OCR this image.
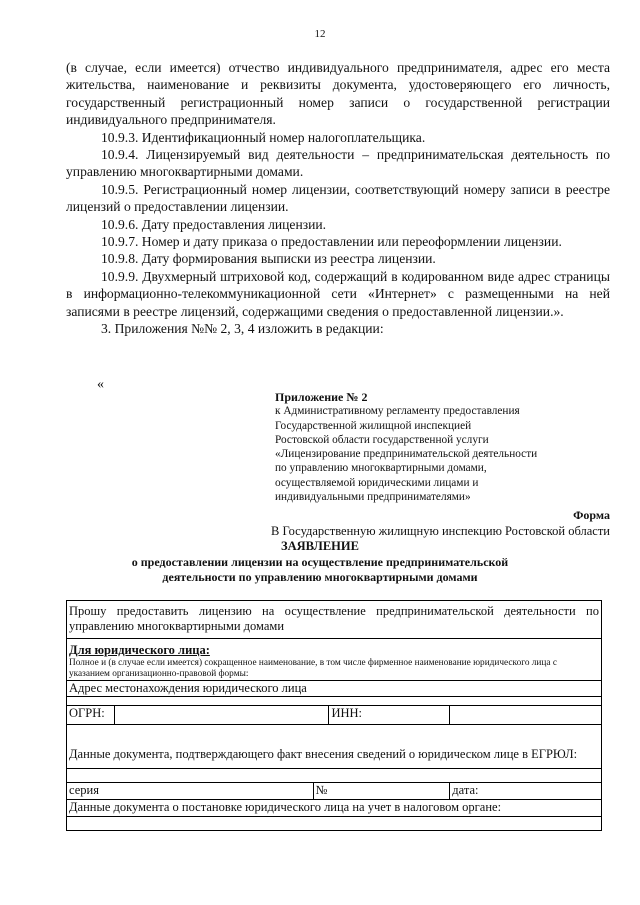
12

(в случае, если имеется) отчество индивидуального предпринимателя, адрес его места жительства, наименование и реквизиты документа, удостоверяющего его личность, государственный регистрационный номер записи о государственной регистрации индивидуального предпринимателя.

10.9.3. Идентификационный номер налогоплательщика.

10.9.4. Лицензируемый вид деятельности – предпринимательская деятельность по управлению многоквартирными домами.

10.9.5. Регистрационный номер лицензии, соответствующий номеру записи в реестре лицензий о предоставлении лицензии.

10.9.6. Дату предоставления лицензии.

10.9.7. Номер и дату приказа о предоставлении или переоформлении лицензии.

10.9.8. Дату формирования выписки из реестра лицензии.

10.9.9. Двухмерный штриховой код, содержащий в кодированном виде адрес страницы в информационно-телекоммуникационной сети «Интернет» с размещенными на ней записями в реестре лицензий, содержащими сведения о предоставленной лицензии.».

3. Приложения №№ 2, 3, 4 изложить в редакции:

«
Приложение № 2
к Административному регламенту предоставления
Государственной жилищной инспекцией
Ростовской области государственной услуги
«Лицензирование предпринимательской деятельности
по управлению многоквартирными домами,
осуществляемой юридическими лицами и
индивидуальными предпринимателями»
Форма
В Государственную жилищную инспекцию Ростовской области
ЗАЯВЛЕНИЕ
о предоставлении лицензии на осуществление предпринимательской
деятельности по управлению многоквартирными домами
Прошу предоставить лицензию на осуществление предпринимательской деятельности по управлению многоквартирными домами				

Для юридического лица:
Полное и (в случае если имеется) сокращенное наименование, в том числе фирменное наименование юридического лица с указанием организационно-правовой формы:				

Адрес местонахождения юридического лица				

ОГРН:			ИНН:	
Данные документа, подтверждающего факт внесения сведений о юридическом лице в ЕГРЮЛ:				

серия		№		дата:
Данные документа о постановке юридического лица на учет в налоговом органе:				
